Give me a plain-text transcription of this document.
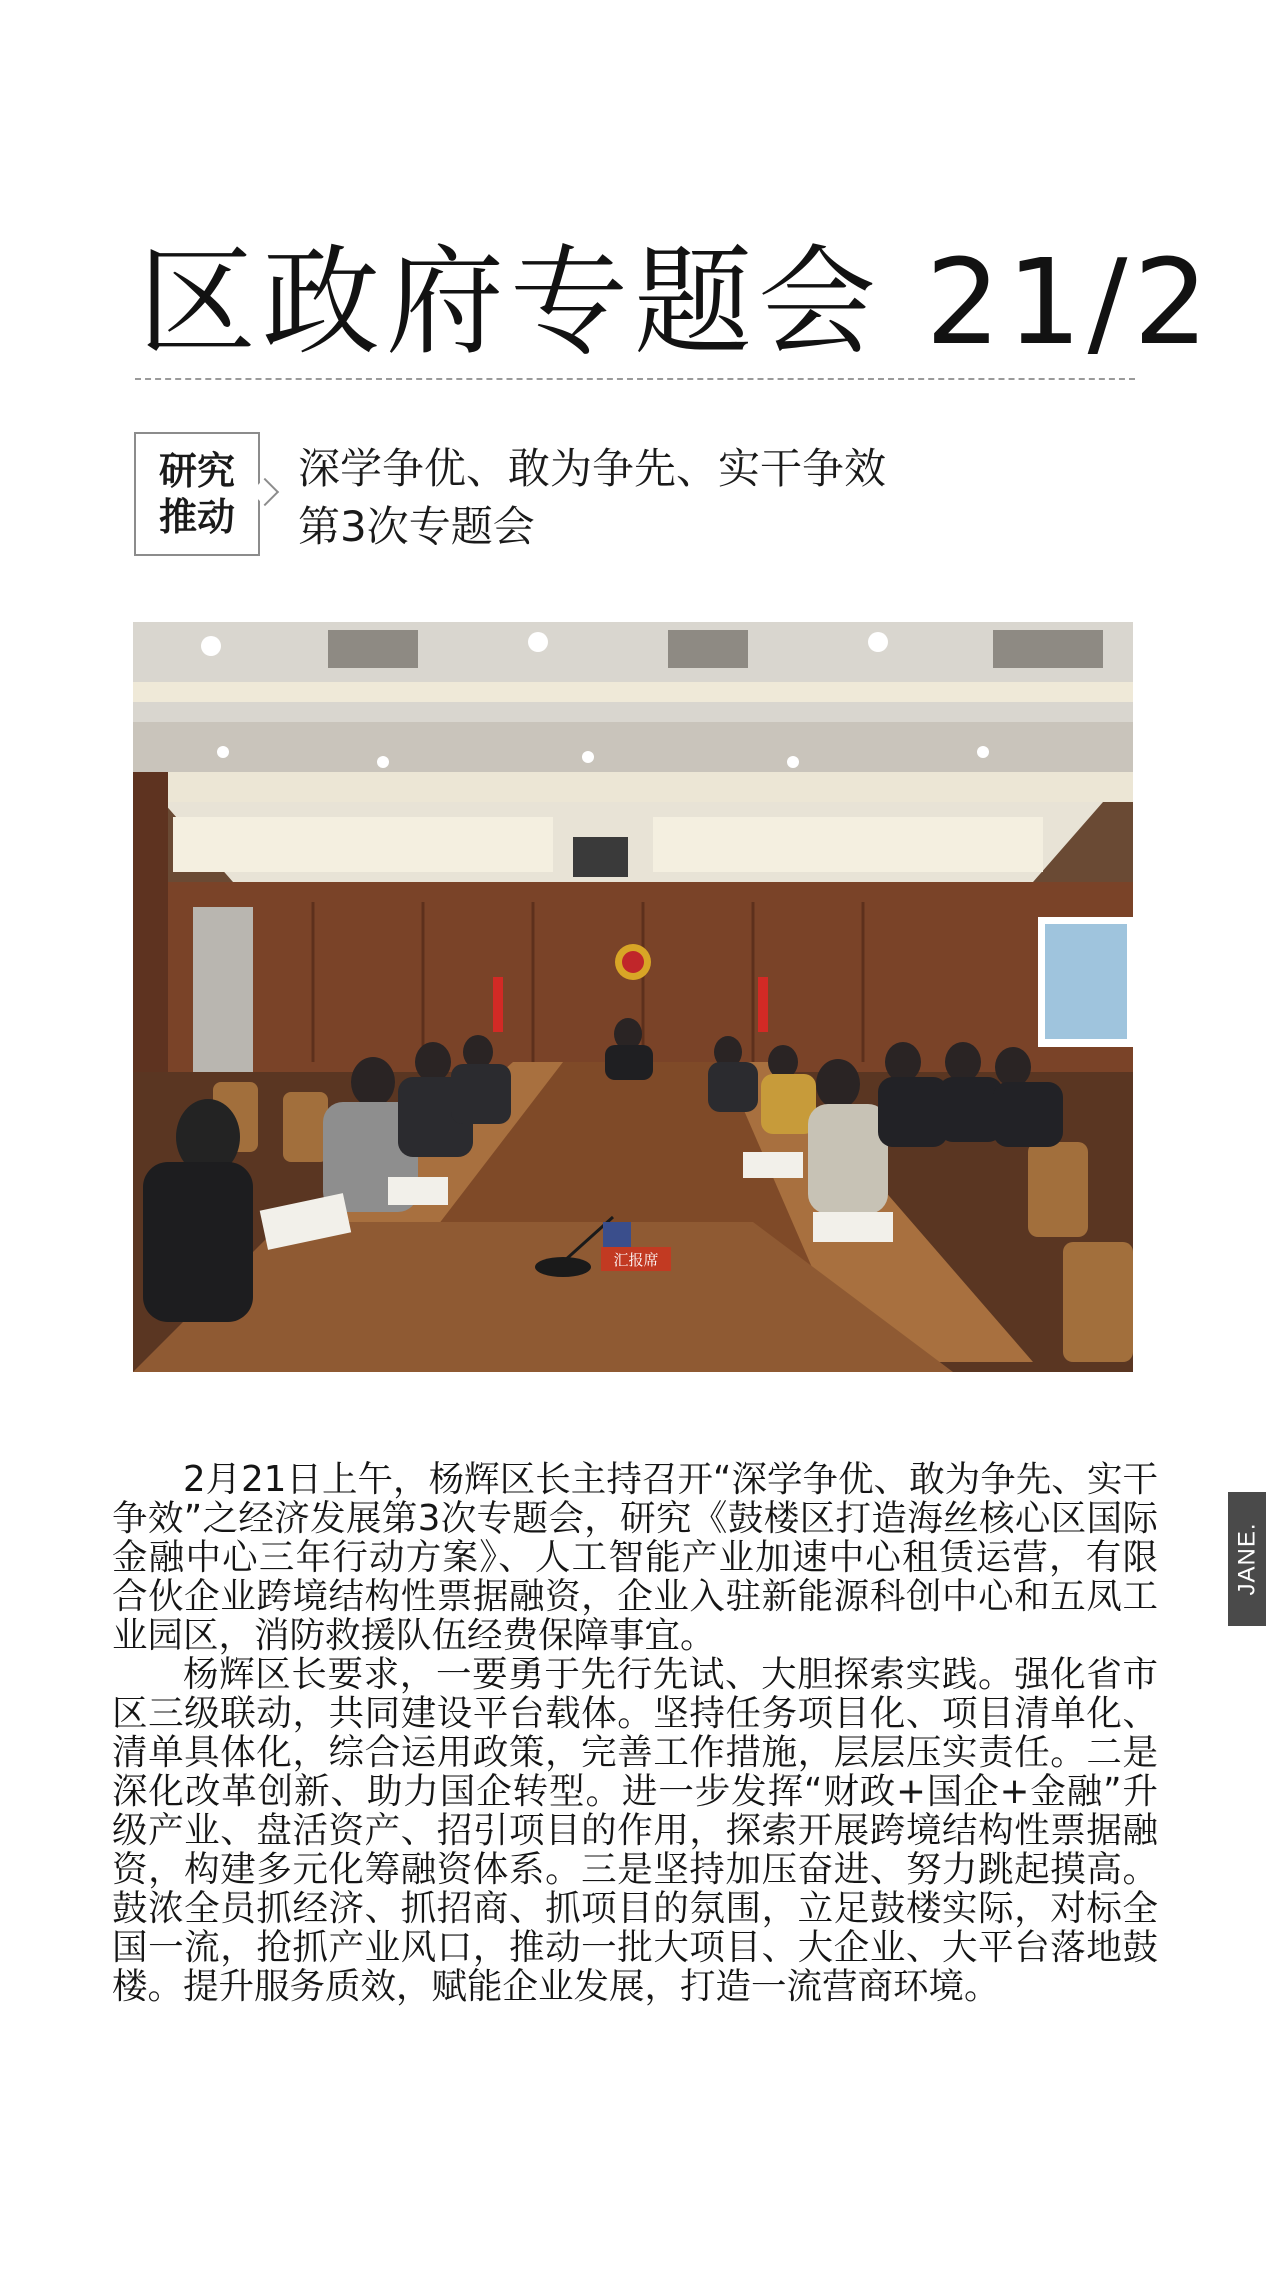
区政府专题会 21/2
研究
推动
深学争优、敢为争先、实干争效
第3次专题会
汇报席

2月21日上午，杨辉区长主持召开“深学争优、敢为争先、实干争效”之经济发展第3次专题会，研究《鼓楼区打造海丝核心区国际金融中心三年行动方案》、人工智能产业加速中心租赁运营，有限合伙企业跨境结构性票据融资，企业入驻新能源科创中心和五凤工业园区，消防救援队伍经费保障事宜。

杨辉区长要求，一要勇于先行先试、大胆探索实践。强化省市区三级联动，共同建设平台载体。坚持任务项目化、项目清单化、清单具体化，综合运用政策，完善工作措施，层层压实责任。二是深化改革创新、助力国企转型。进一步发挥“财政+国企+金融”升级产业、盘活资产、招引项目的作用，探索开展跨境结构性票据融资，构建多元化筹融资体系。三是坚持加压奋进、努力跳起摸高。鼓浓全员抓经济、抓招商、抓项目的氛围，立足鼓楼实际，对标全国一流，抢抓产业风口，推动一批大项目、大企业、大平台落地鼓楼。提升服务质效，赋能企业发展，打造一流营商环境。

JANE.
